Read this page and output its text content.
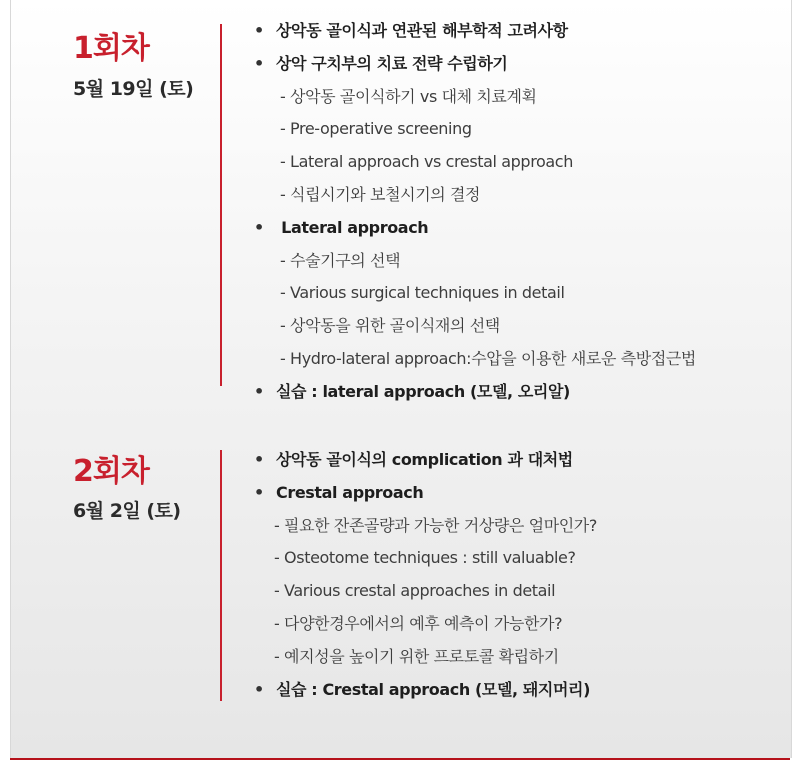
1회차

5월 19일 (토)

• 상악동 골이식과 연관된 해부학적 고려사항
• 상악 구치부의 치료 전략 수립하기
- 상악동 골이식하기 vs 대체 치료계획
- Pre-operative screening
- Lateral approach vs crestal approach
- 식립시기와 보철시기의 결정
• Lateral approach
- 수술기구의 선택
- Various surgical techniques in detail
- 상악동을 위한 골이식재의 선택
- Hydro-lateral approach:수압을 이용한 새로운 측방접근법
• 실습 : lateral approach (모델, 오리알)
2회차

6월 2일 (토)

• 상악동 골이식의 complication 과 대처법
• Crestal approach
- 필요한 잔존골량과 가능한 거상량은 얼마인가?
- Osteotome techniques : still valuable?
- Various crestal approaches in detail
- 다양한경우에서의 예후 예측이 가능한가?
- 예지성을 높이기 위한 프로토콜 확립하기
• 실습 : Crestal approach (모델, 돼지머리)
